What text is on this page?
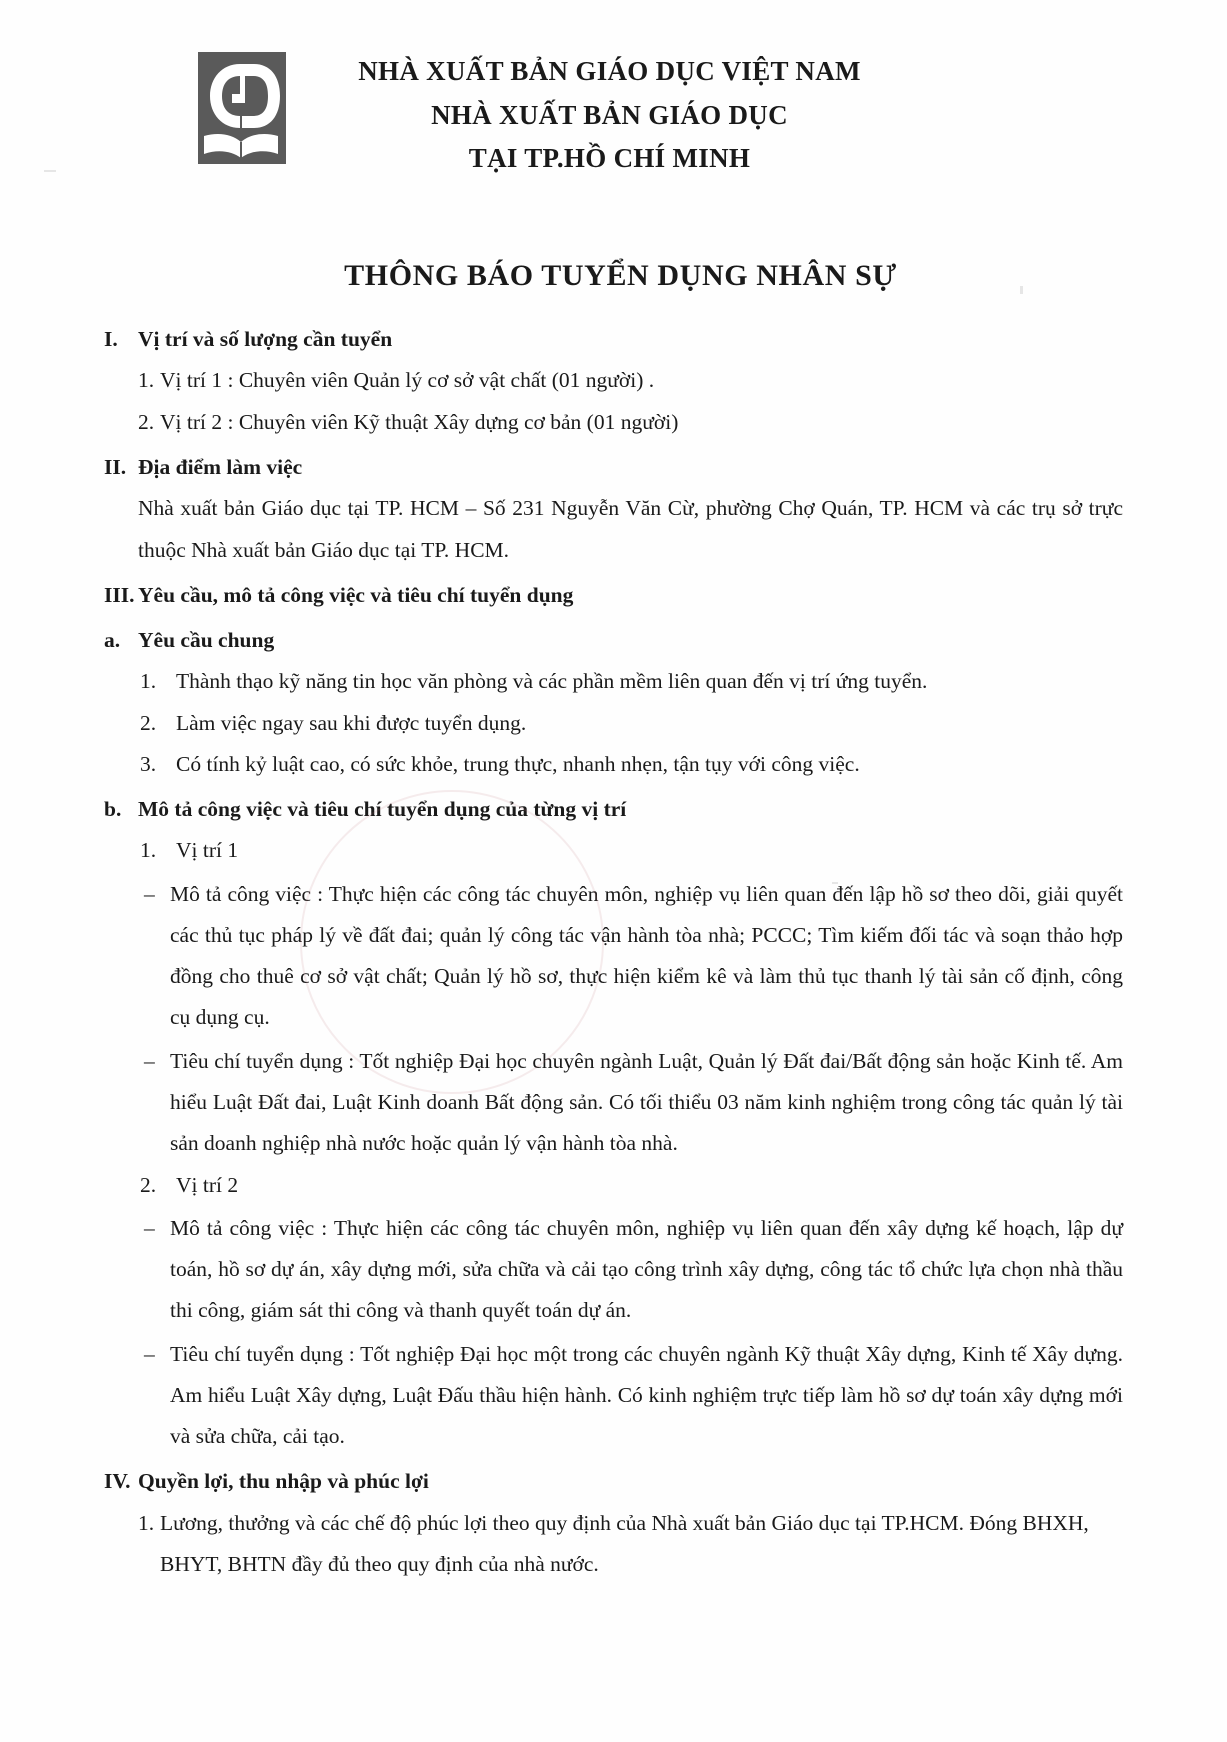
NHÀ XUẤT BẢN GIÁO DỤC VIỆT NAM
NHÀ XUẤT BẢN GIÁO DỤC
TẠI TP.HỒ CHÍ MINH
THÔNG BÁO TUYỂN DỤNG NHÂN SỰ
I. Vị trí và số lượng cần tuyển
1. Vị trí 1 : Chuyên viên Quản lý cơ sở vật chất (01 người) .
2. Vị trí 2 : Chuyên viên Kỹ thuật Xây dựng cơ bản (01 người)
II. Địa điểm làm việc
Nhà xuất bản Giáo dục tại TP. HCM – Số 231 Nguyễn Văn Cừ, phường Chợ Quán, TP. HCM và các trụ sở trực thuộc Nhà xuất bản Giáo dục tại TP. HCM.
III. Yêu cầu, mô tả công việc và tiêu chí tuyển dụng
a. Yêu cầu chung
1. Thành thạo kỹ năng tin học văn phòng và các phần mềm liên quan đến vị trí ứng tuyển.
2. Làm việc ngay sau khi được tuyển dụng.
3. Có tính kỷ luật cao, có sức khỏe, trung thực, nhanh nhẹn, tận tụy với công việc.
b. Mô tả công việc và tiêu chí tuyển dụng của từng vị trí
1. Vị trí 1
– Mô tả công việc : Thực hiện các công tác chuyên môn, nghiệp vụ liên quan đến lập hồ sơ theo dõi, giải quyết các thủ tục pháp lý về đất đai; quản lý công tác vận hành tòa nhà; PCCC; Tìm kiếm đối tác và soạn thảo hợp đồng cho thuê cơ sở vật chất; Quản lý hồ sơ, thực hiện kiểm kê và làm thủ tục thanh lý tài sản cố định, công cụ dụng cụ.
– Tiêu chí tuyển dụng : Tốt nghiệp Đại học chuyên ngành Luật, Quản lý Đất đai/Bất động sản hoặc Kinh tế. Am hiểu Luật Đất đai, Luật Kinh doanh Bất động sản. Có tối thiểu 03 năm kinh nghiệm trong công tác quản lý tài sản doanh nghiệp nhà nước hoặc quản lý vận hành tòa nhà.
2. Vị trí 2
– Mô tả công việc : Thực hiện các công tác chuyên môn, nghiệp vụ liên quan đến xây dựng kế hoạch, lập dự toán, hồ sơ dự án, xây dựng mới, sửa chữa và cải tạo công trình xây dựng, công tác tổ chức lựa chọn nhà thầu thi công, giám sát thi công và thanh quyết toán dự án.
– Tiêu chí tuyển dụng : Tốt nghiệp Đại học một trong các chuyên ngành Kỹ thuật Xây dựng, Kinh tế Xây dựng. Am hiểu Luật Xây dựng, Luật Đấu thầu hiện hành. Có kinh nghiệm trực tiếp làm hồ sơ dự toán xây dựng mới và sửa chữa, cải tạo.
IV. Quyền lợi, thu nhập và phúc lợi
1. Lương, thưởng và các chế độ phúc lợi theo quy định của Nhà xuất bản Giáo dục tại TP.HCM. Đóng BHXH, BHYT, BHTN đầy đủ theo quy định của nhà nước.
